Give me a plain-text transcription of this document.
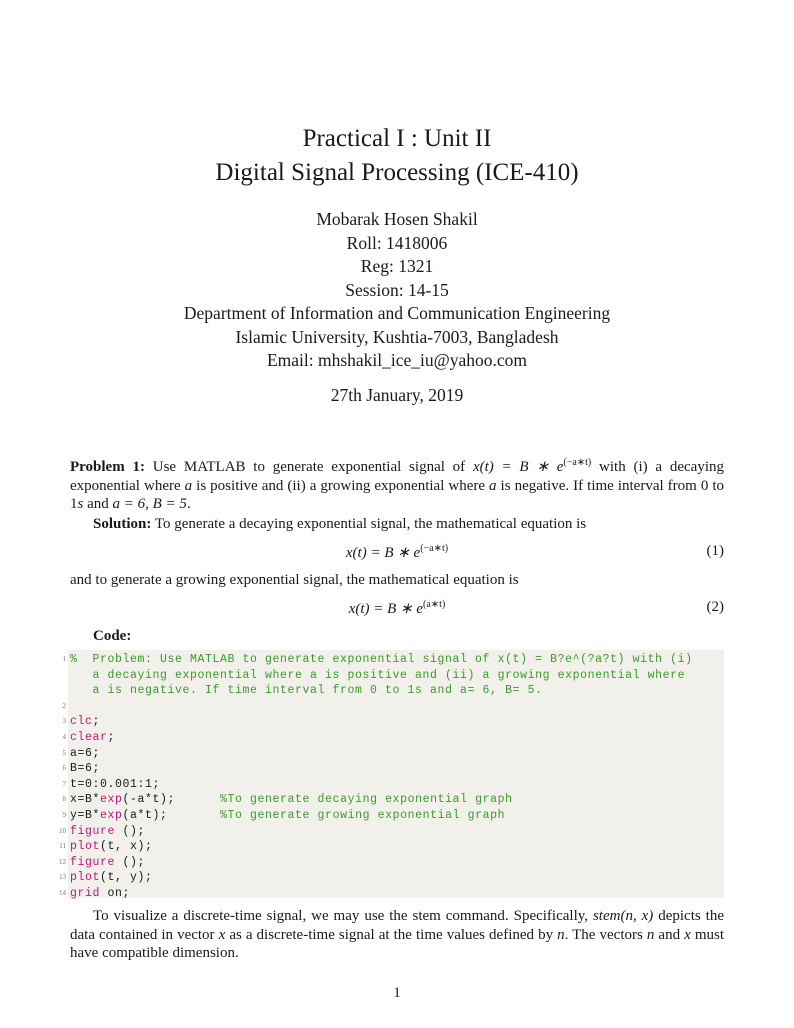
Practical I : Unit II
Digital Signal Processing (ICE-410)
Mobarak Hosen Shakil
Roll: 1418006
Reg: 1321
Session: 14-15
Department of Information and Communication Engineering
Islamic University, Kushtia-7003, Bangladesh
Email: mhshakil_ice_iu@yahoo.com
27th January, 2019
Problem 1: Use MATLAB to generate exponential signal of x(t) = B ∗ $e^{(-a∗t)}$ with (i) a decaying exponential where a is positive and (ii) a growing exponential where a is negative. If time interval from 0 to 1s and a = 6, B = 5.
Solution: To generate a decaying exponential signal, the mathematical equation is
x(t) = B ∗ $e^{(-a∗t)}$	(1)
and to generate a growing exponential signal, the mathematical equation is
x(t) = B ∗ $e^{(a∗t)}$	(2)
Code:
1 %  Problem: Use MATLAB to generate exponential signal of x(t) = B?e^(?a?t) with (i)
a decaying exponential where a is positive and (ii) a growing exponential where
a is negative. If time interval from 0 to 1s and a= 6, B= 5.
2
3 clc;
4 clear;
5 a=6;
6 B=6;
7 t=0:0.001:1;
8 x=B*exp(-a*t);      %To generate decaying exponential graph
9 y=B*exp(a*t);       %To generate growing exponential graph
10 figure ();
11 plot(t, x);
12 figure ();
13 plot(t, y);
14 grid on;
To visualize a discrete-time signal, we may use the stem command. Specifically, stem(n, x) depicts the data contained in vector x as a discrete-time signal at the time values defined by n. The vectors n and x must have compatible dimension.
1
